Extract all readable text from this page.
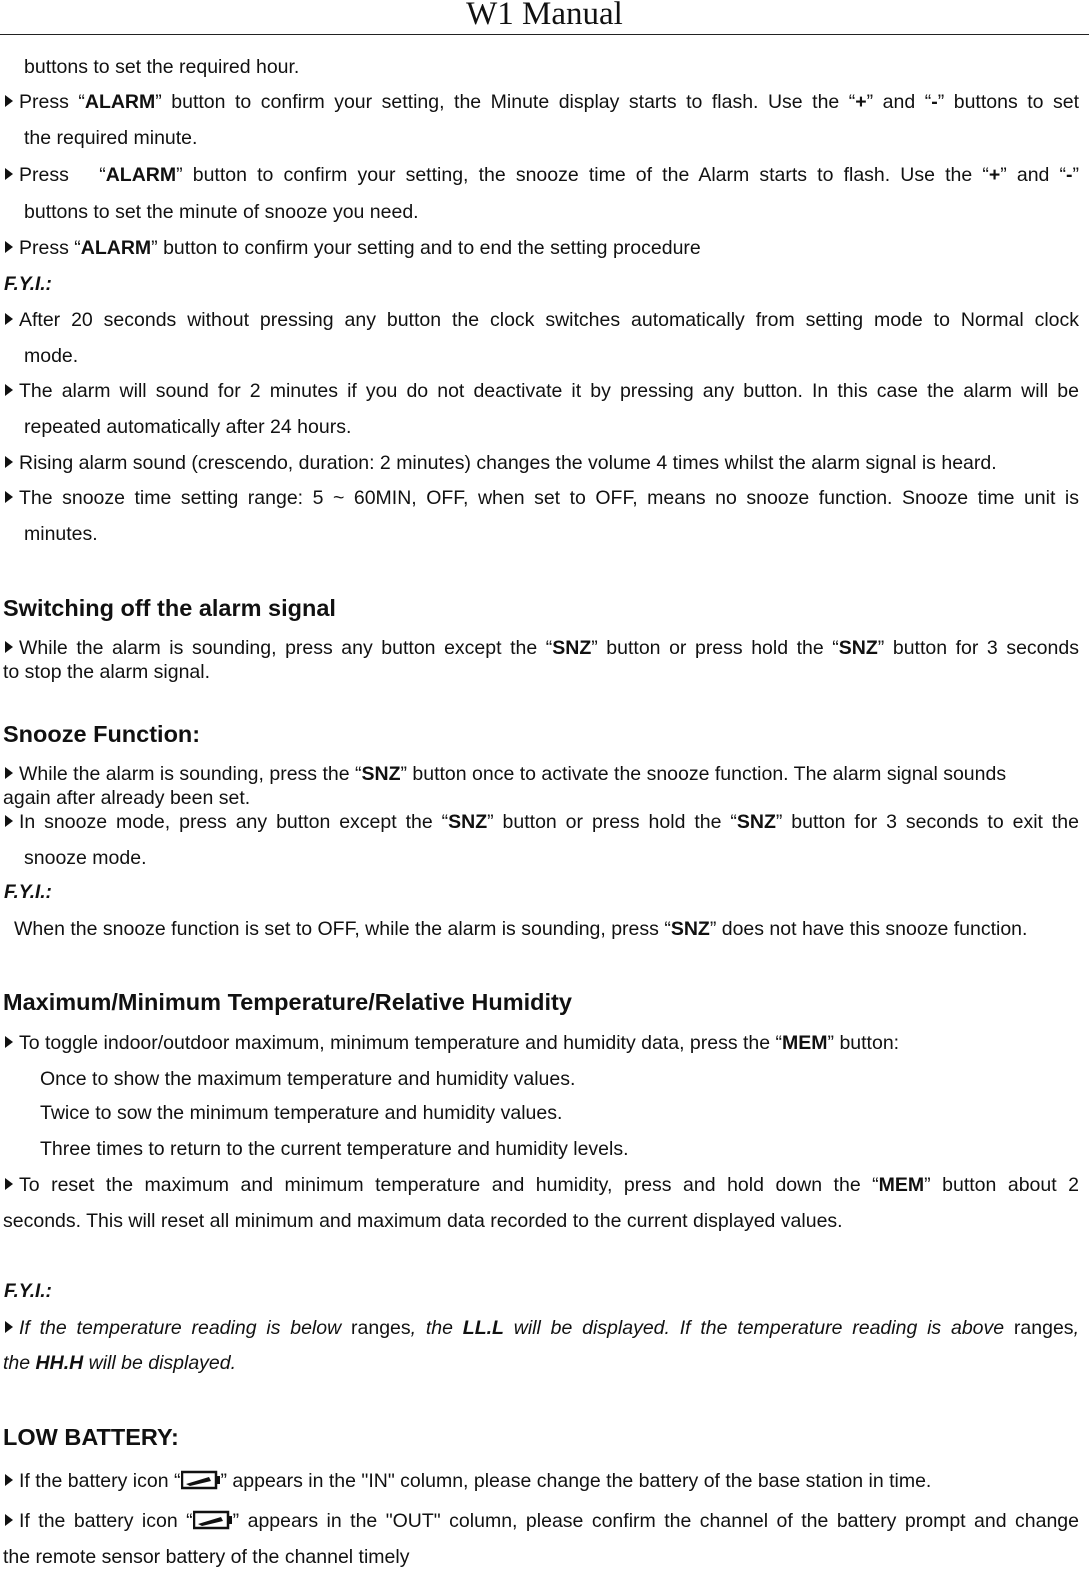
W1 Manual
buttons to set the required hour.
Press “ALARM” button to confirm your setting, the Minute display starts to flash. Use the “+” and “-” buttons to set
the required minute.
Press   “ALARM” button to confirm your setting, the snooze time of the Alarm starts to flash. Use the “+” and “-”
buttons to set the minute of snooze you need.
Press “ALARM” button to confirm your setting and to end the setting procedure
F.Y.I.:
After 20 seconds without pressing any button the clock switches automatically from setting mode to Normal clock
mode.
The alarm will sound for 2 minutes if you do not deactivate it by pressing any button. In this case the alarm will be
repeated automatically after 24 hours.
Rising alarm sound (crescendo, duration: 2 minutes) changes the volume 4 times whilst the alarm signal is heard.
The snooze time setting range: 5 ~ 60MIN, OFF, when set to OFF, means no snooze function. Snooze time unit is
minutes.
Switching off the alarm signal
While the alarm is sounding, press any button except the “SNZ” button or press hold the “SNZ” button for 3 seconds
to stop the alarm signal.
Snooze Function:
While the alarm is sounding, press the “SNZ” button once to activate the snooze function. The alarm signal sounds
again after already been set.
In snooze mode, press any button except the “SNZ” button or press hold the “SNZ” button for 3 seconds to exit the
snooze mode.
F.Y.I.:
When the snooze function is set to OFF, while the alarm is sounding, press “SNZ” does not have this snooze function.
Maximum/Minimum Temperature/Relative Humidity
To toggle indoor/outdoor maximum, minimum temperature and humidity data, press the “MEM” button:
Once to show the maximum temperature and humidity values.
Twice to sow the minimum temperature and humidity values.
Three times to return to the current temperature and humidity levels.
To reset the maximum and minimum temperature and humidity, press and hold down the “MEM” button about 2
seconds. This will reset all minimum and maximum data recorded to the current displayed values.
F.Y.I.:
If the temperature reading is below ranges, the LL.L will be displayed. If the temperature reading is above ranges,
the HH.H will be displayed.
LOW BATTERY:
If the battery icon “ ” appears in the "IN" column, please change the battery of the base station in time.
If the battery icon “ ” appears in the "OUT" column, please confirm the channel of the battery prompt and change
the remote sensor battery of the channel timely
